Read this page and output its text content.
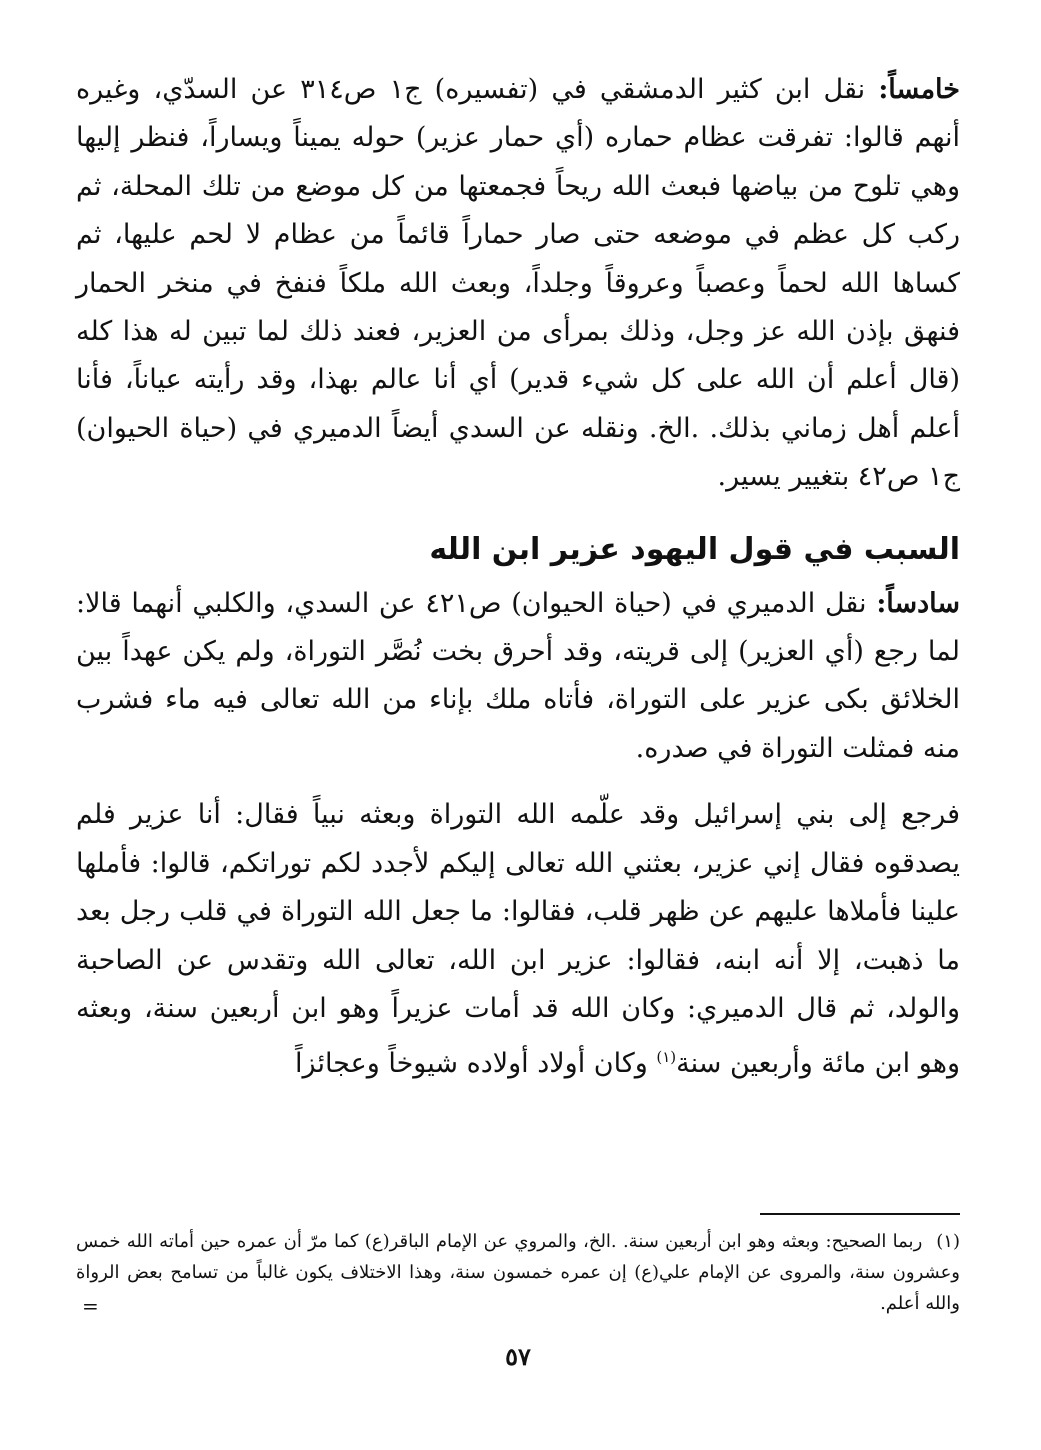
خامساً: نقل ابن كثير الدمشقي في (تفسيره) ج١ ص٣١٤ عن السدّي، وغيره أنهم قالوا: تفرقت عظام حماره (أي حمار عزير) حوله يميناً ويساراً، فنظر إليها وهي تلوح من بياضها فبعث الله ريحاً فجمعتها من كل موضع من تلك المحلة، ثم ركب كل عظم في موضعه حتى صار حماراً قائماً من عظام لا لحم عليها، ثم كساها الله لحماً وعصباً وعروقاً وجلداً، وبعث الله ملكاً فنفخ في منخر الحمار فنهق بإذن الله عز وجل، وذلك بمرأى من العزير، فعند ذلك لما تبين له هذا كله (قال أعلم أن الله على كل شيء قدير) أي أنا عالم بهذا، وقد رأيته عياناً، فأنا أعلم أهل زماني بذلك. .الخ. ونقله عن السدي أيضاً الدميري في (حياة الحيوان) ج١ ص٤٢ بتغيير يسير.

السبب في قول اليهود عزير ابن الله

سادساً: نقل الدميري في (حياة الحيوان) ص٤٢١ عن السدي، والكلبي أنهما قالا: لما رجع (أي العزير) إلى قريته، وقد أحرق بخت نُصَّر التوراة، ولم يكن عهداً بين الخلائق بكى عزير على التوراة، فأتاه ملك بإناء من الله تعالى فيه ماء فشرب منه فمثلت التوراة في صدره.

فرجع إلى بني إسرائيل وقد علّمه الله التوراة وبعثه نبياً فقال: أنا عزير فلم يصدقوه فقال إني عزير، بعثني الله تعالى إليكم لأجدد لكم توراتكم، قالوا: فأملها علينا فأملاها عليهم عن ظهر قلب، فقالوا: ما جعل الله التوراة في قلب رجل بعد ما ذهبت، إلا أنه ابنه، فقالوا: عزير ابن الله، تعالى الله وتقدس عن الصاحبة والولد، ثم قال الدميري: وكان الله قد أمات عزيراً وهو ابن أربعين سنة، وبعثه وهو ابن مائة وأربعين سنة$^{(١)}$ وكان أولاد أولاده شيوخاً وعجائزاً

(١)ربما الصحيح: وبعثه وهو ابن أربعين سنة. .الخ، والمروي عن الإمام الباقر(ع) كما مرّ أن عمره حين أماته الله خمس وعشرون سنة، والمروى عن الإمام علي(ع) إن عمره خمسون سنة، وهذا الاختلاف يكون غالباً من تسامح بعض الرواة والله أعلم.

=
٥٧
